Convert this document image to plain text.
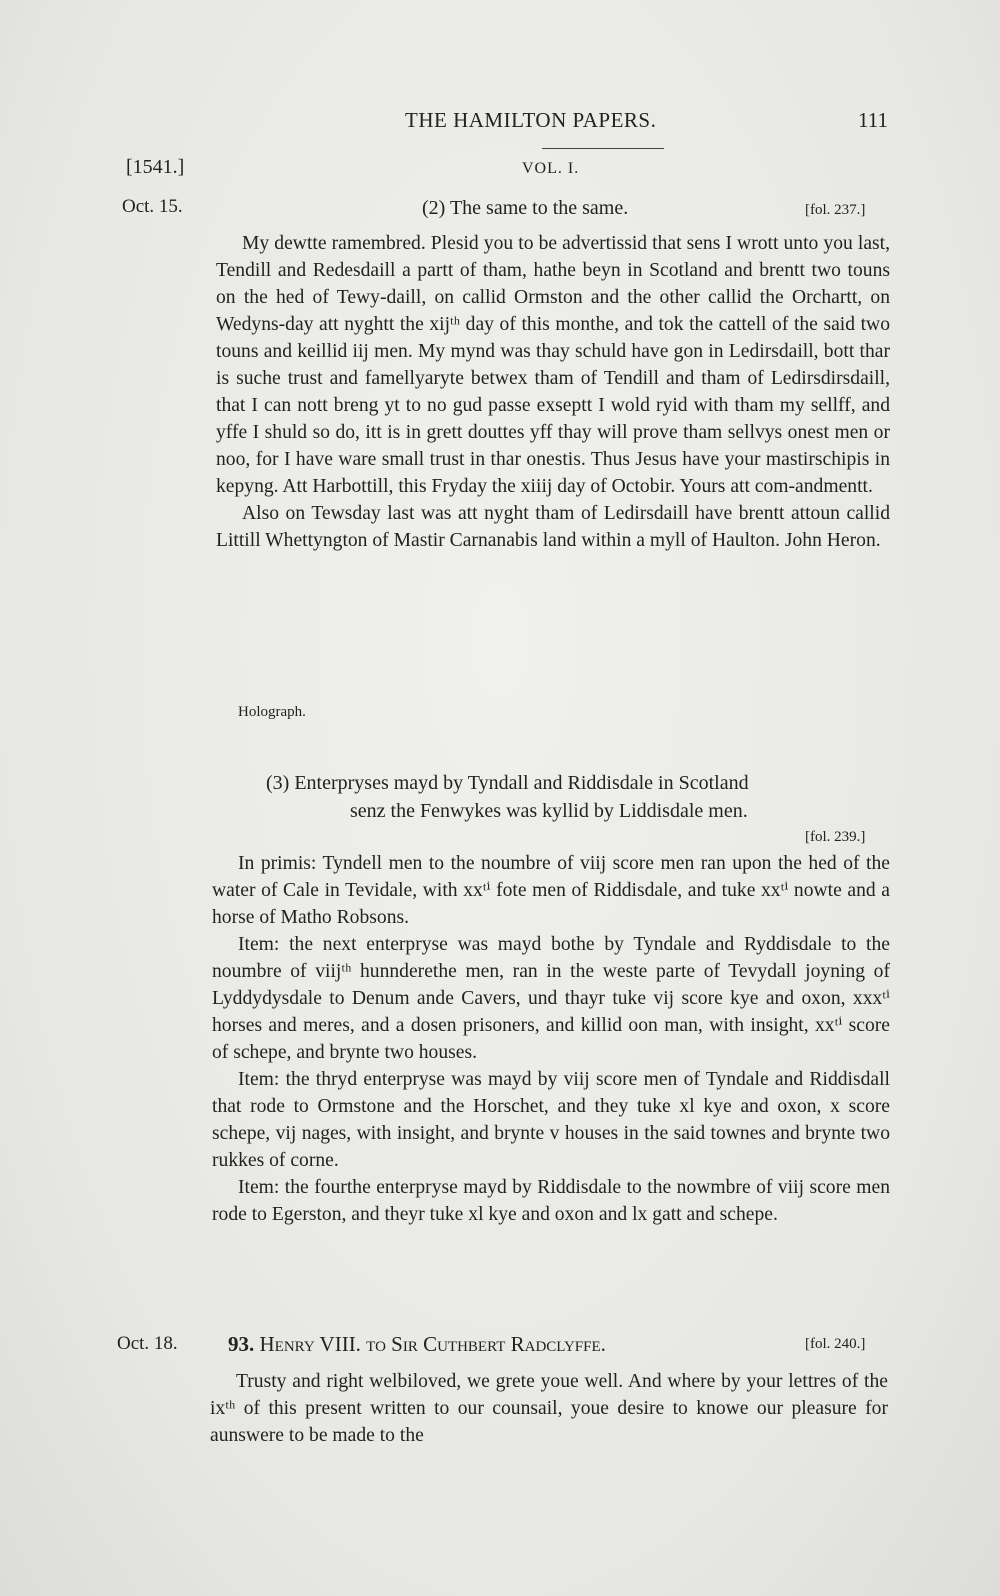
THE HAMILTON PAPERS.	111
[1541.]	VOL. I.
Oct. 15.	(2) The same to the same.	[fol. 237.]

My dewtte ramembred. Plesid you to be advertissid that sens I wrott unto you last, Tendill and Redesdaill a partt of tham, hathe beyn in Scotland and brentt two touns on the hed of Tewy-daill, on callid Ormston and the other callid the Orchartt, on Wedyns-day att nyghtt the xijᵗʰ day of this monthe, and tok the cattell of the said two touns and keillid iij men. My mynd was thay schuld have gon in Ledirsdaill, bott thar is suche trust and famellyaryte betwex tham of Tendill and tham of Ledirsdirsdaill, that I can nott breng yt to no gud passe exseptt I wold ryid with tham my sellff, and yffe I shuld so do, itt is in grett douttes yff thay will prove tham sellvys onest men or noo, for I have ware small trust in thar onestis. Thus Jesus have your mastirschipis in kepyng. Att Harbottill, this Fryday the xiiij day of Octobir. Yours att com-andmentt.

Also on Tewsday last was att nyght tham of Ledirsdaill have brentt attoun callid Littill Whettyngton of Mastir Carnanabis land within a myll of Haulton. John Heron.

Holograph.
(3) Enterpryses mayd by Tyndall and Riddisdale in Scotland
senz the Fenwykes was kyllid by Liddisdale men.
[fol. 239.]

In primis: Tyndell men to the noumbre of viij score men ran upon the hed of the water of Cale in Tevidale, with xxᵗⁱ fote men of Riddisdale, and tuke xxᵗⁱ nowte and a horse of Matho Robsons.

Item: the next enterpryse was mayd bothe by Tyndale and Ryddisdale to the noumbre of viijᵗʰ hunnderethe men, ran in the weste parte of Tevydall joyning of Lyddydysdale to Denum ande Cavers, und thayr tuke vij score kye and oxon, xxxᵗⁱ horses and meres, and a dosen prisoners, and killid oon man, with insight, xxᵗⁱ score of schepe, and brynte two houses.

Item: the thryd enterpryse was mayd by viij score men of Tyndale and Riddisdall that rode to Ormstone and the Horschet, and they tuke xl kye and oxon, x score schepe, vij nages, with insight, and brynte v houses in the said townes and brynte two rukkes of corne.

Item: the fourthe enterpryse mayd by Riddisdale to the nowmbre of viij score men rode to Egerston, and theyr tuke xl kye and oxon and lx gatt and schepe.

Oct. 18. 93. Henry VIII. to Sir Cuthbert Radclyffe.	[fol. 240.]

Trusty and right welbiloved, we grete youe well. And where by your lettres of the ixᵗʰ of this present written to our counsail, youe desire to knowe our pleasure for aunswere to be made to the
